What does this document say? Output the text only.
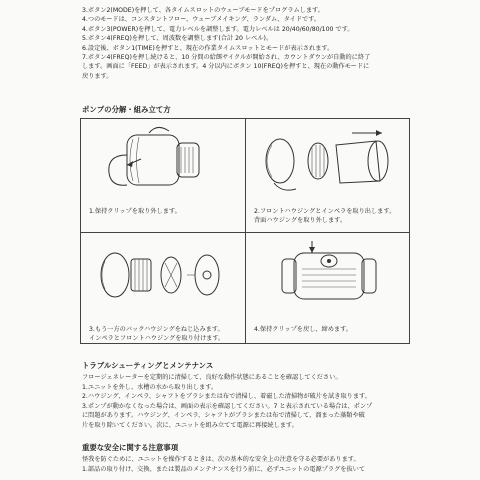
3.ボタン2(MODE)を押して、各タイムスロットのウェーブモードをプログラムします。

4.つのモードは、コンスタントフロー、ウェーブメイキング、ランダム、タイドです。

4.ボタン3(POWER)を押して、電力レベルを調整します。電力レベルは 20/40/60/80/100 です。

5.ボタン4(FREQ)を押して、周波数を調整します(合計 20 レベル)。

6.設定後、ボタン1(TIME)を押すと、現在の作業タイムスロットとモードが表示されます。

7.ボタン4(FREQ)を押し続けると、10 分間の給餌サイクルが開始され、カウントダウンが自動的に終了

します。画面に「FEED」が表示されます。4 分以内にボタン 10(FREQ)を押すと、現在の動作モードに

戻ります。

ポンプの分解・組み立て方
1.保持クリップを取り外します。	2.フロントハウジングとインペラを取り出します。
背面ハウジングを取り外します。
3.もう一方のバックハウジングをねじ込みます。
インペラとフロントハウジングを取り付けます。
4.保持クリップを戻し、締めます。
トラブルシューティングとメンテナンス

フロージェネレーターを定期的に清掃して、良好な動作状態にあることを確認してください。

1.ユニットを外し、水槽の水から取り出します。

2.ハウジング、インペラ、シャフトをブラシまたは布で清掃し、着磁した清掃物が破片を試き取ります。

3.ポンプが動かなくなった場合は、画面の表示を確認してください。7 と表示されている場合は、ポンプ

に問題があります。ハウジング、インペラ、シャフトがブラシまたは布で清掃して、溜まった藻類や破

片を取り除いてください。次に、ユニットを組み立てて電源に再接続します。

重要な安全に関する注意事項

怪我を防ぐために、ユニットを操作するときは、次の基本的な安全上の注意を守る必要があります。

1.部品の取り付け、交換、または製品のメンテナンスを行う前に、必ずユニットの電源プラグを抜いて
